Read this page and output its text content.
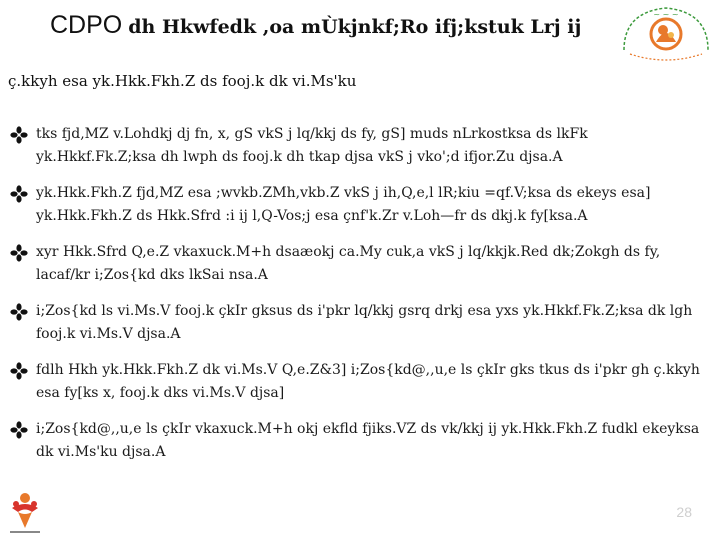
CDPO dh Hkwfedk ,oa mÙkjnkf;Ro ifj;kstuk Lrj ij
~ ~ ~
ç.kkyh esa yk.Hkk.Fkh.Z ds fooj.k dk vi.Ms'ku
tks fjd,MZ v.Lohdkj dj fn, x, gS vkS j lq/kkj ds fy, gS] muds nLrkostksa ds lkFk yk.Hkkf.Fk.Z;ksa dh lwph ds fooj.k dh tkap djsa vkS j vko';d ifjor.Zu djsa.A
yk.Hkk.Fkh.Z fjd,MZ esa ;wvkb.ZMh,vkb.Z vkS j ih,Q,e,l lR;kiu =qf.V;ksa ds ekeys esa] yk.Hkk.Fkh.Z ds Hkk.Sfrd :i ij l,Q-Vos;j esa çnf'k.Zr v.Loh—fr ds dkj.k fy[ksa.A
xyr Hkk.Sfrd Q,e.Z vkaxuck.M+h dsaæokj ca.My cuk,a vkS j lq/kkjk.Red dk;Zokgh ds fy, lacaf/kr i;Zos{kd dks lkSai nsa.A
i;Zos{kd ls vi.Ms.V fooj.k çkIr gksus ds i'pkr lq/kkj gsrq drkj esa yxs yk.Hkkf.Fk.Z;ksa dk lgh fooj.k vi.Ms.V djsa.A
fdlh Hkh yk.Hkk.Fkh.Z dk vi.Ms.V Q,e.Z&3] i;Zos{kd@,,u,e ls çkIr gks tkus ds i'pkr gh ç.kkyh esa fy[ks x, fooj.k dks vi.Ms.V djsa]
i;Zos{kd@,,u,e ls çkIr vkaxuck.M+h okj ekfld fjiks.VZ ds vk/kkj ij yk.Hkk.Fkh.Z fudkl ekeyksa dk vi.Ms'ku djsa.A
28
